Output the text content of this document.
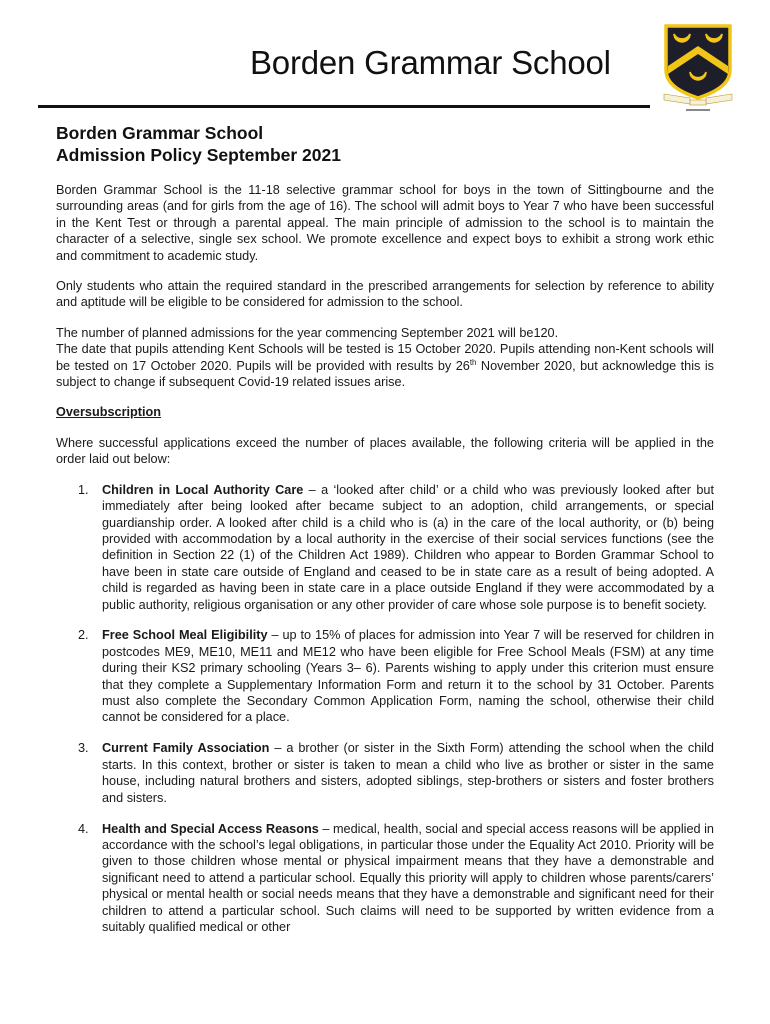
Borden Grammar School
Borden Grammar School
Admission Policy September 2021

Borden Grammar School is the 11-18 selective grammar school for boys in the town of Sittingbourne and the surrounding areas (and for girls from the age of 16). The school will admit boys to Year 7 who have been successful in the Kent Test or through a parental appeal. The main principle of admission to the school is to maintain the character of a selective, single sex school. We promote excellence and expect boys to exhibit a strong work ethic and commitment to academic study.

Only students who attain the required standard in the prescribed arrangements for selection by reference to ability and aptitude will be eligible to be considered for admission to the school.

The number of planned admissions for the year commencing September 2021 will be120.
The date that pupils attending Kent Schools will be tested is 15 October 2020. Pupils attending non-Kent schools will be tested on 17 October 2020. Pupils will be provided with results by 26th November 2020, but acknowledge this is subject to change if subsequent Covid-19 related issues arise.

Oversubscription

Where successful applications exceed the number of places available, the following criteria will be applied in the order laid out below:

1. Children in Local Authority Care – a ‘looked after child’ or a child who was previously looked after but immediately after being looked after became subject to an adoption, child arrangements, or special guardianship order. A looked after child is a child who is (a) in the care of the local authority, or (b) being provided with accommodation by a local authority in the exercise of their social services functions (see the definition in Section 22 (1) of the Children Act 1989). Children who appear to Borden Grammar School to have been in state care outside of England and ceased to be in state care as a result of being adopted. A child is regarded as having been in state care in a place outside England if they were accommodated by a public authority, religious organisation or any other provider of care whose sole purpose is to benefit society.
2. Free School Meal Eligibility – up to 15% of places for admission into Year 7 will be reserved for children in postcodes ME9, ME10, ME11 and ME12 who have been eligible for Free School Meals (FSM) at any time during their KS2 primary schooling (Years 3– 6). Parents wishing to apply under this criterion must ensure that they complete a Supplementary Information Form and return it to the school by 31 October. Parents must also complete the Secondary Common Application Form, naming the school, otherwise their child cannot be considered for a place.
3. Current Family Association – a brother (or sister in the Sixth Form) attending the school when the child starts. In this context, brother or sister is taken to mean a child who live as brother or sister in the same house, including natural brothers and sisters, adopted siblings, step-brothers or sisters and foster brothers and sisters.
4. Health and Special Access Reasons – medical, health, social and special access reasons will be applied in accordance with the school’s legal obligations, in particular those under the Equality Act 2010. Priority will be given to those children whose mental or physical impairment means that they have a demonstrable and significant need to attend a particular school. Equally this priority will apply to children whose parents/carers’ physical or mental health or social needs means that they have a demonstrable and significant need for their children to attend a particular school. Such claims will need to be supported by written evidence from a suitably qualified medical or other
